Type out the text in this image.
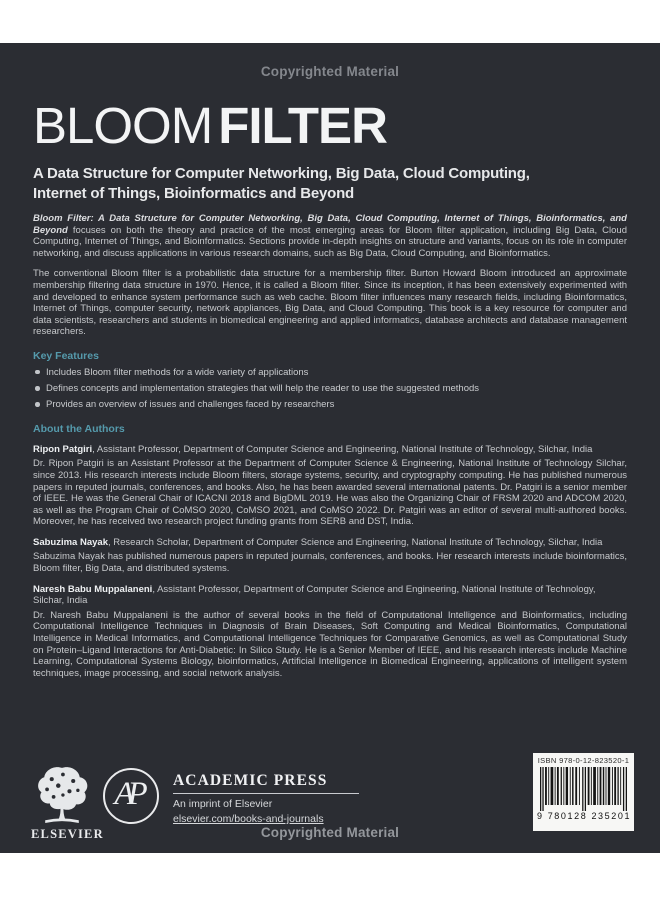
Copyrighted Material
BLOOM FILTER
A Data Structure for Computer Networking, Big Data, Cloud Computing,
Internet of Things, Bioinformatics and Beyond

Bloom Filter: A Data Structure for Computer Networking, Big Data, Cloud Computing, Internet of Things, Bioinformatics, and Beyond focuses on both the theory and practice of the most emerging areas for Bloom filter application, including Big Data, Cloud Computing, Internet of Things, and Bioinformatics. Sections provide in-depth insights on structure and variants, focus on its role in computer networking, and discuss applications in various research domains, such as Big Data, Cloud Computing, and Bioinformatics.

The conventional Bloom filter is a probabilistic data structure for a membership filter. Burton Howard Bloom introduced an approximate membership filtering data structure in 1970. Hence, it is called a Bloom filter. Since its inception, it has been extensively experimented with and developed to enhance system performance such as web cache. Bloom filter influences many research fields, including Bioinformatics, Internet of Things, computer security, network appliances, Big Data, and Cloud Computing. This book is a key resource for computer and data scientists, researchers and students in biomedical engineering and applied informatics, database architects and database management researchers.

Key Features
Includes Bloom filter methods for a wide variety of applications
Defines concepts and implementation strategies that will help the reader to use the suggested methods
Provides an overview of issues and challenges faced by researchers
About the Authors

Ripon Patgiri, Assistant Professor, Department of Computer Science and Engineering, National Institute of Technology, Silchar, India

Dr. Ripon Patgiri is an Assistant Professor at the Department of Computer Science & Engineering, National Institute of Technology Silchar, since 2013. His research interests include Bloom filters, storage systems, security, and cryptography computing. He has published numerous papers in reputed journals, conferences, and books. Also, he has been awarded several international patents. Dr. Patgiri is a senior member of IEEE. He was the General Chair of ICACNI 2018 and BigDML 2019. He was also the Organizing Chair of FRSM 2020 and ADCOM 2020, as well as the Program Chair of CoMSO 2020, CoMSO 2021, and CoMSO 2022. Dr. Patgiri was an editor of several multi-authored books. Moreover, he has received two research project funding grants from SERB and DST, India.

Sabuzima Nayak, Research Scholar, Department of Computer Science and Engineering, National Institute of Technology, Silchar, India

Sabuzima Nayak has published numerous papers in reputed journals, conferences, and books. Her research interests include bioinformatics, Bloom filter, Big Data, and distributed systems.

Naresh Babu Muppalaneni, Assistant Professor, Department of Computer Science and Engineering, National Institute of Technology, Silchar, India

Dr. Naresh Babu Muppalaneni is the author of several books in the field of Computational Intelligence and Bioinformatics, including Computational Intelligence Techniques in Diagnosis of Brain Diseases, Soft Computing and Medical Bioinformatics, Computational Intelligence in Medical Informatics, and Computational Intelligence Techniques for Comparative Genomics, as well as Computational Study on Protein–Ligand Interactions for Anti-Diabetic: In Silico Study. He is a Senior Member of IEEE, and his research interests include Machine Learning, Computational Systems Biology, bioinformatics, Artificial Intelligence in Biomedical Engineering, applications of intelligent system techniques, image processing, and social network analysis.

ELSEVIER
AP	ACADEMIC PRESS
An imprint of Elsevier
elsevier.com/books-and-journals
ISBN 978-0-12-823520-1
9 780128 235201
Copyrighted Material
